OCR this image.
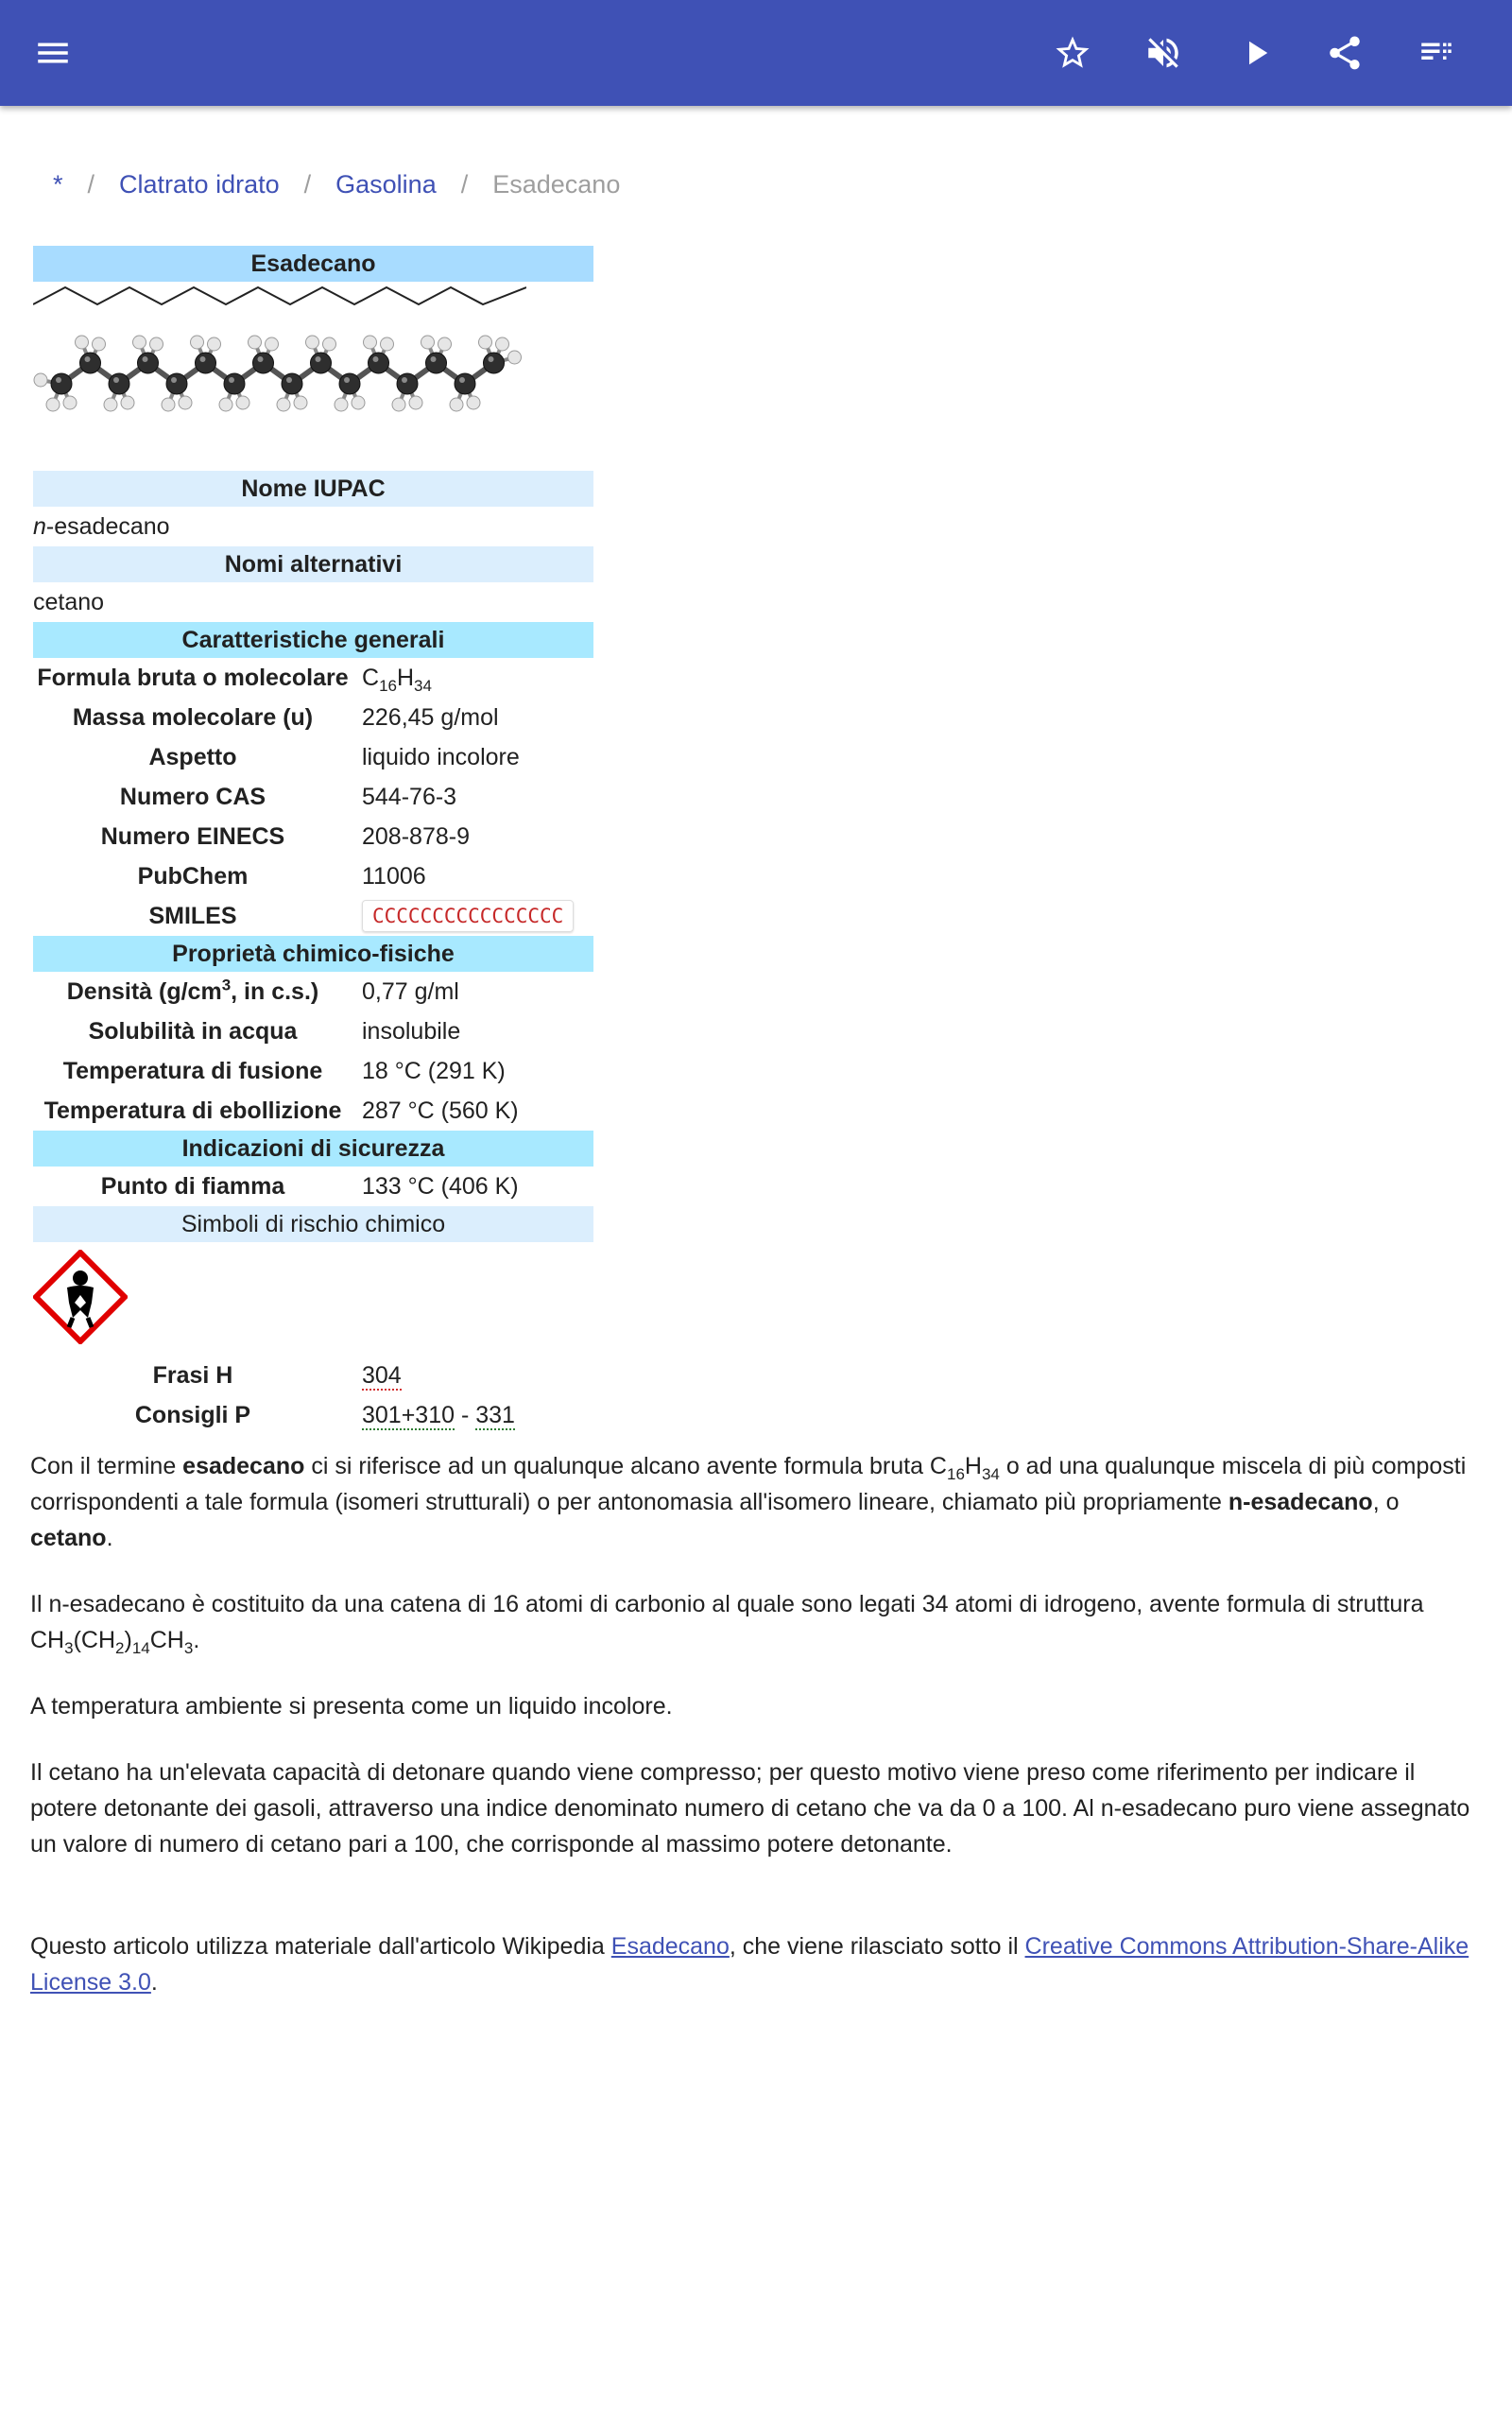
* / Clatrato idrato / Gasolina / Esadecano
Esadecano
Nome IUPAC
n-esadecano
Nomi alternativi
cetano
Caratteristiche generali
Formula bruta o molecolare $C_{16}H_{34}$
Massa molecolare (u)	226,45 g/mol
Aspetto	liquido incolore
Numero CAS	544-76-3
Numero EINECS	208-878-9
PubChem	11006
SMILES	CCCCCCCCCCCCCCCC
Proprietà chimico-fisiche
Densità ($g/cm^3$, in c.s.)	0,77 g/ml
Solubilità in acqua	insolubile
Temperatura di fusione	18 °C (291 K)
Temperatura di ebollizione 287 °C (560 K)
Indicazioni di sicurezza
Punto di fiamma	133 °C (406 K)
Simboli di rischio chimico
Frasi H	304
Consigli P	301+310 - 331

Con il termine esadecano ci si riferisce ad un qualunque alcano avente formula bruta $C_{16}H_{34}$ o ad una qualunque miscela di più composti corrispondenti a tale formula (isomeri strutturali) o per antonomasia all'isomero lineare, chiamato più propriamente n-esadecano, o cetano.

Il n-esadecano è costituito da una catena di 16 atomi di carbonio al quale sono legati 34 atomi di idrogeno, avente formula di struttura $CH_3(CH_2)_{14}CH_3$.

A temperatura ambiente si presenta come un liquido incolore.

Il cetano ha un'elevata capacità di detonare quando viene compresso; per questo motivo viene preso come riferimento per indicare il potere detonante dei gasoli, attraverso una indice denominato numero di cetano che va da 0 a 100. Al n-esadecano puro viene assegnato un valore di numero di cetano pari a 100, che corrisponde al massimo potere detonante.

Questo articolo utilizza materiale dall'articolo Wikipedia Esadecano, che viene rilasciato sotto il Creative Commons Attribution-Share-Alike License 3.0.
